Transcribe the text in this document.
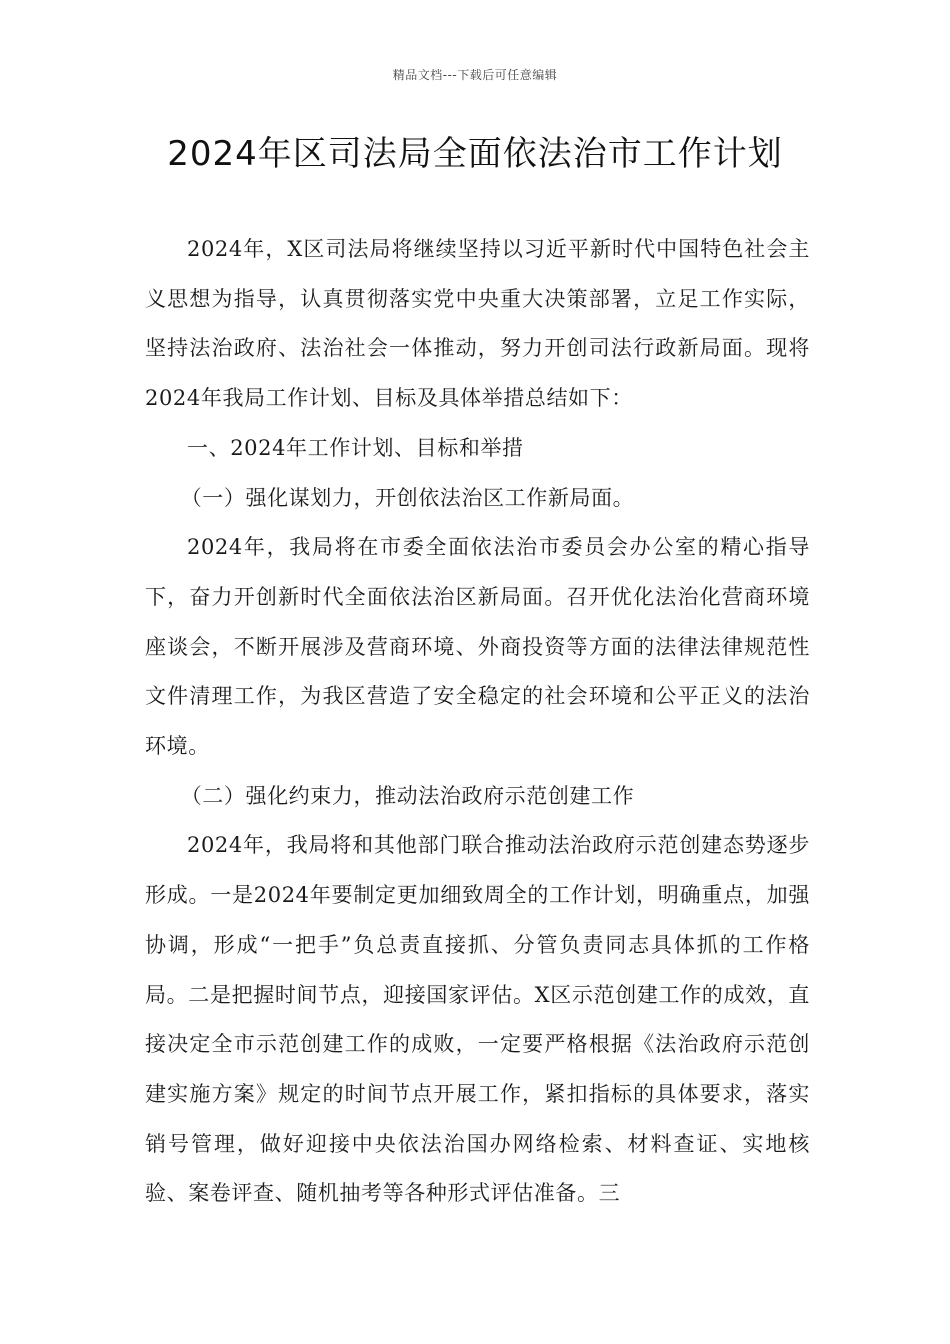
精品文档---下载后可任意编辑
2024年区司法局全面依法治市工作计划

2024年，X区司法局将继续坚持以习近平新时代中国特色社会主义思想为指导，认真贯彻落实党中央重大决策部署，立足工作实际，坚持法治政府、法治社会一体推动，努力开创司法行政新局面。现将2024年我局工作计划、目标及具体举措总结如下：

一、2024年工作计划、目标和举措

（一）强化谋划力，开创依法治区工作新局面。

2024年，我局将在市委全面依法治市委员会办公室的精心指导下，奋力开创新时代全面依法治区新局面。召开优化法治化营商环境座谈会，不断开展涉及营商环境、外商投资等方面的法律法律规范性文件清理工作，为我区营造了安全稳定的社会环境和公平正义的法治环境。

（二）强化约束力，推动法治政府示范创建工作

2024年，我局将和其他部门联合推动法治政府示范创建态势逐步形成。一是2024年要制定更加细致周全的工作计划，明确重点，加强协调，形成“一把手”负总责直接抓、分管负责同志具体抓的工作格局。二是把握时间节点，迎接国家评估。X区示范创建工作的成效，直接决定全市示范创建工作的成败，一定要严格根据《法治政府示范创建实施方案》规定的时间节点开展工作，紧扣指标的具体要求，落实销号管理，做好迎接中央依法治国办网络检索、材料查证、实地核验、案卷评查、随机抽考等各种形式评估准备。三
